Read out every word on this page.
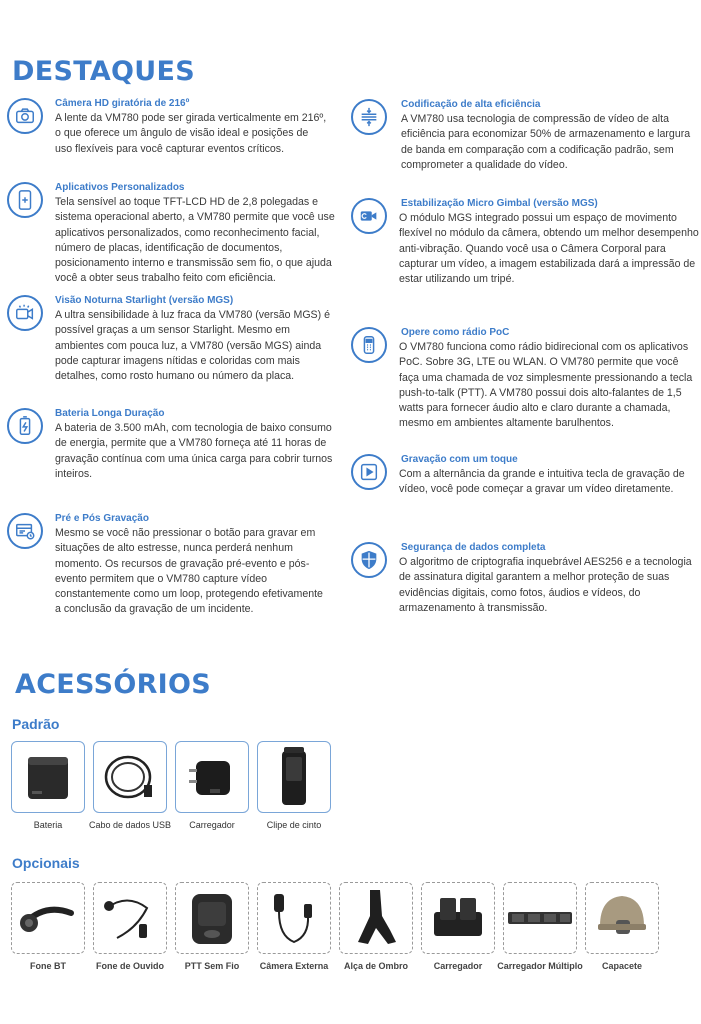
DESTAQUES
Câmera HD giratória de 216º
A lente da VM780 pode ser girada verticalmente em 216º, o que oferece um ângulo de visão ideal e posições de uso flexíveis para você capturar eventos críticos.
Aplicativos Personalizados
Tela sensível ao toque TFT-LCD HD de 2,8 polegadas e sistema operacional aberto, a VM780 permite que você use aplicativos personalizados, como reconhecimento facial, número de placas, identificação de documentos, posicionamento interno e transmissão sem fio, o que ajuda você a obter seus trabalho feito com eficiência.
Visão Noturna Starlight (versão MGS)
A ultra sensibilidade à luz fraca da VM780 (versão MGS) é possível graças a um sensor Starlight. Mesmo em ambientes com pouca luz, a VM780 (versão MGS) ainda pode capturar imagens nítidas e coloridas com mais detalhes, como rosto humano ou número da placa.
Bateria Longa Duração
A bateria de 3.500 mAh, com tecnologia de baixo consumo de energia, permite que a VM780 forneça até 11 horas de gravação contínua com uma única carga para cobrir turnos inteiros.
Pré e Pós Gravação
Mesmo se você não pressionar o botão para gravar em situações de alto estresse, nunca perderá nenhum momento. Os recursos de gravação pré-evento e pós-evento permitem que o VM780 capture vídeo constantemente como um loop, protegendo efetivamente a conclusão da gravação de um incidente.
Codificação de alta eficiência
A VM780 usa tecnologia de compressão de vídeo de alta eficiência para economizar 50% de armazenamento e largura de banda em comparação com a codificação padrão, sem comprometer a qualidade do vídeo.
Estabilização Micro Gimbal (versão MGS)
O módulo MGS integrado possui um espaço de movimento flexível no módulo da câmera, obtendo um melhor desempenho anti-vibração. Quando você usa o Câmera Corporal para capturar um vídeo, a imagem estabilizada dará a impressão de estar utilizando um tripé.
Opere como rádio PoC
O VM780 funciona como rádio bidirecional com os aplicativos PoC. Sobre 3G, LTE ou WLAN. O VM780 permite que você faça uma chamada de voz simplesmente pressionando a tecla push-to-talk (PTT). A VM780 possui dois alto-falantes de 1,5 watts para fornecer áudio alto e claro durante a chamada, mesmo em ambientes altamente barulhentos.
Gravação com um toque
Com a alternância da grande e intuitiva tecla de gravação de vídeo, você pode começar a gravar um vídeo diretamente.
Segurança de dados completa
O algoritmo de criptografia inquebrável AES256 e a tecnologia de assinatura digital garantem a melhor proteção de suas evidências digitais, como fotos, áudios e vídeos, do armazenamento à transmissão.
ACESSÓRIOS
Padrão
Bateria	Cabo de dados USB	Carregador	Clipe de cinto
Opcionais
Fone BT	Fone de Ouvido	PTT Sem Fio	Câmera Externa	Alça de Ombro	Carregador	Carregador Múltiplo	Capacete
